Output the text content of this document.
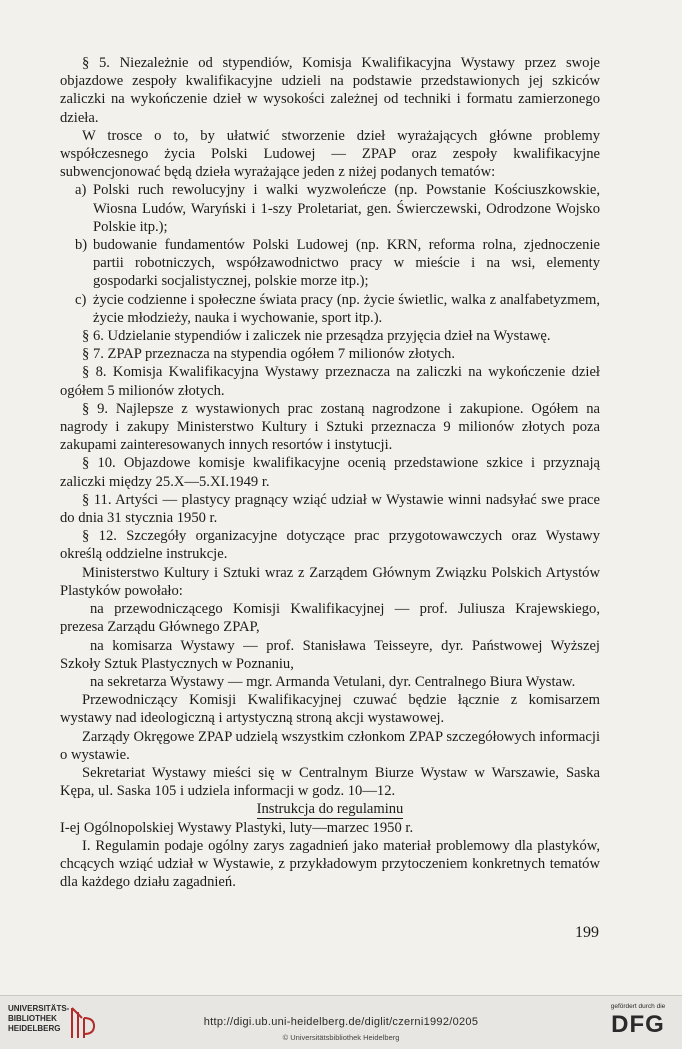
§ 5. Niezależnie od stypendiów, Komisja Kwalifikacyjna Wystawy przez swoje objazdowe zespoły kwalifikacyjne udzieli na podstawie przedstawionych jej szkiców zaliczki na wykończenie dzieł w wysokości zależnej od techniki i formatu zamierzonego dzieła.

W trosce o to, by ułatwić stworzenie dzieł wyrażających główne problemy współczesnego życia Polski Ludowej — ZPAP oraz zespoły kwalifikacyjne subwencjonować będą dzieła wyrażające jeden z niżej podanych tematów:

a) Polski ruch rewolucyjny i walki wyzwoleńcze (np. Powstanie Kościuszkowskie, Wiosna Ludów, Waryński i 1-szy Proletariat, gen. Świerczewski, Odrodzone Wojsko Polskie itp.);

b) budowanie fundamentów Polski Ludowej (np. KRN, reforma rolna, zjednoczenie partii robotniczych, współzawodnictwo pracy w mieście i na wsi, elementy gospodarki socjalistycznej, polskie morze itp.);

c) życie codzienne i społeczne świata pracy (np. życie świetlic, walka z analfabetyzmem, życie młodzieży, nauka i wychowanie, sport itp.).

§ 6. Udzielanie stypendiów i zaliczek nie przesądza przyjęcia dzieł na Wystawę.

§ 7. ZPAP przeznacza na stypendia ogółem 7 milionów złotych.

§ 8. Komisja Kwalifikacyjna Wystawy przeznacza na zaliczki na wykończenie dzieł ogółem 5 milionów złotych.

§ 9. Najlepsze z wystawionych prac zostaną nagrodzone i zakupione. Ogółem na nagrody i zakupy Ministerstwo Kultury i Sztuki przeznacza 9 milionów złotych poza zakupami zainteresowanych innych resortów i instytucji.

§ 10. Objazdowe komisje kwalifikacyjne ocenią przedstawione szkice i przyznają zaliczki między 25.X—5.XI.1949 r.

§ 11. Artyści — plastycy pragnący wziąć udział w Wystawie winni nadsyłać swe prace do dnia 31 stycznia 1950 r.

§ 12. Szczegóły organizacyjne dotyczące prac przygotowawczych oraz Wystawy określą oddzielne instrukcje.

Ministerstwo Kultury i Sztuki wraz z Zarządem Głównym Związku Polskich Artystów Plastyków powołało:

na przewodniczącego Komisji Kwalifikacyjnej — prof. Juliusza Krajewskiego, prezesa Zarządu Głównego ZPAP,

na komisarza Wystawy — prof. Stanisława Teisseyre, dyr. Państwowej Wyższej Szkoły Sztuk Plastycznych w Poznaniu,

na sekretarza Wystawy — mgr. Armanda Vetulani, dyr. Centralnego Biura Wystaw.

Przewodniczący Komisji Kwalifikacyjnej czuwać będzie łącznie z komisarzem wystawy nad ideologiczną i artystyczną stroną akcji wystawowej.

Zarządy Okręgowe ZPAP udzielą wszystkim członkom ZPAP szczegółowych informacji o wystawie.

Sekretariat Wystawy mieści się w Centralnym Biurze Wystaw w Warszawie, Saska Kępa, ul. Saska 105 i udziela informacji w godz. 10—12.

Instrukcja do regulaminu

I-ej Ogólnopolskiej Wystawy Plastyki, luty—marzec 1950 r.

I. Regulamin podaje ogólny zarys zagadnień jako materiał problemowy dla plastyków, chcących wziąć udział w Wystawie, z przykładowym przytoczeniem konkretnych tematów dla każdego działu zagadnień.

199
UNIVERSITÄTS-
BIBLIOTHEK
HEIDELBERG
http://digi.ub.uni-heidelberg.de/diglit/czerni1992/0205
© Universitätsbibliothek Heidelberg
gefördert durch die
DFG
